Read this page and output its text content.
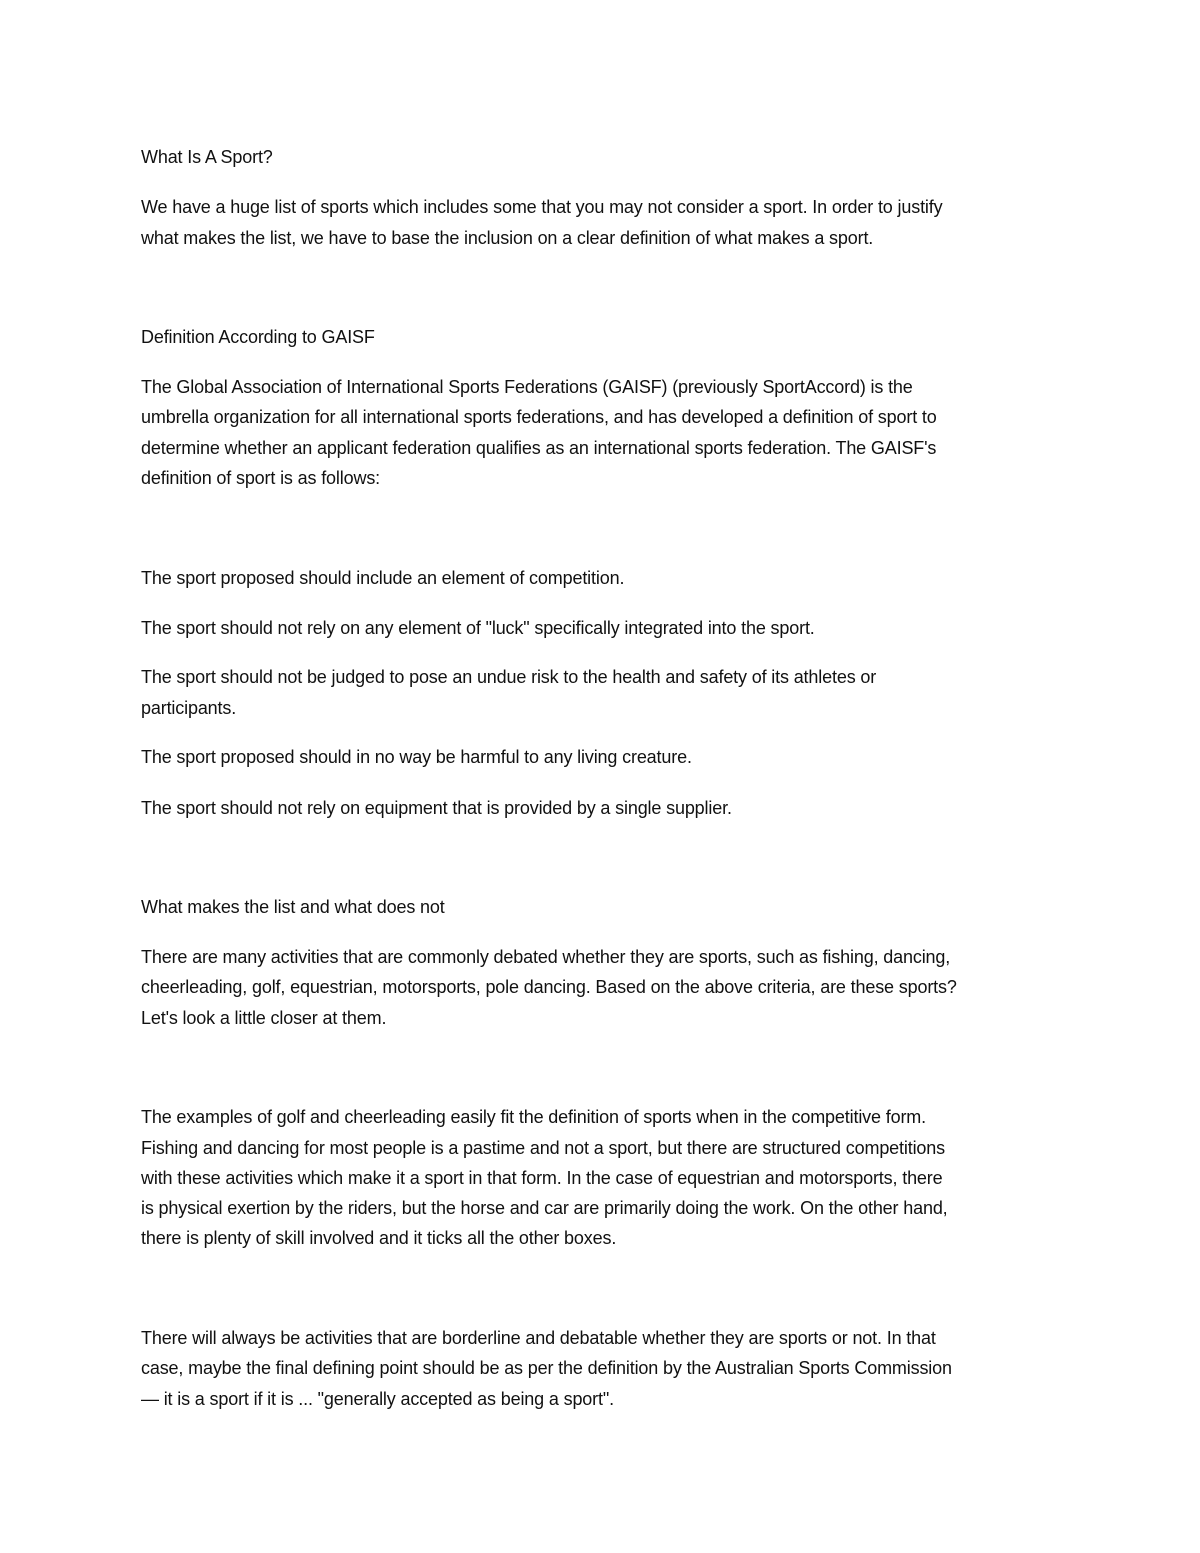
What Is A Sport?

We have a huge list of sports which includes some that you may not consider a sport. In order to justify

what makes the list, we have to base the inclusion on a clear definition of what makes a sport.

Definition According to GAISF

The Global Association of International Sports Federations (GAISF) (previously SportAccord) is the

umbrella organization for all international sports federations, and has developed a definition of sport to

determine whether an applicant federation qualifies as an international sports federation. The GAISF's

definition of sport is as follows:

The sport proposed should include an element of competition.

The sport should not rely on any element of "luck" specifically integrated into the sport.

The sport should not be judged to pose an undue risk to the health and safety of its athletes or

participants.

The sport proposed should in no way be harmful to any living creature.

The sport should not rely on equipment that is provided by a single supplier.

What makes the list and what does not

There are many activities that are commonly debated whether they are sports, such as fishing, dancing,

cheerleading, golf, equestrian, motorsports, pole dancing. Based on the above criteria, are these sports?

Let's look a little closer at them.

The examples of golf and cheerleading easily fit the definition of sports when in the competitive form.

Fishing and dancing for most people is a pastime and not a sport, but there are structured competitions

with these activities which make it a sport in that form. In the case of equestrian and motorsports, there

is physical exertion by the riders, but the horse and car are primarily doing the work. On the other hand,

there is plenty of skill involved and it ticks all the other boxes.

There will always be activities that are borderline and debatable whether they are sports or not. In that

case, maybe the final defining point should be as per the definition by the Australian Sports Commission

— it is a sport if it is ... "generally accepted as being a sport".
